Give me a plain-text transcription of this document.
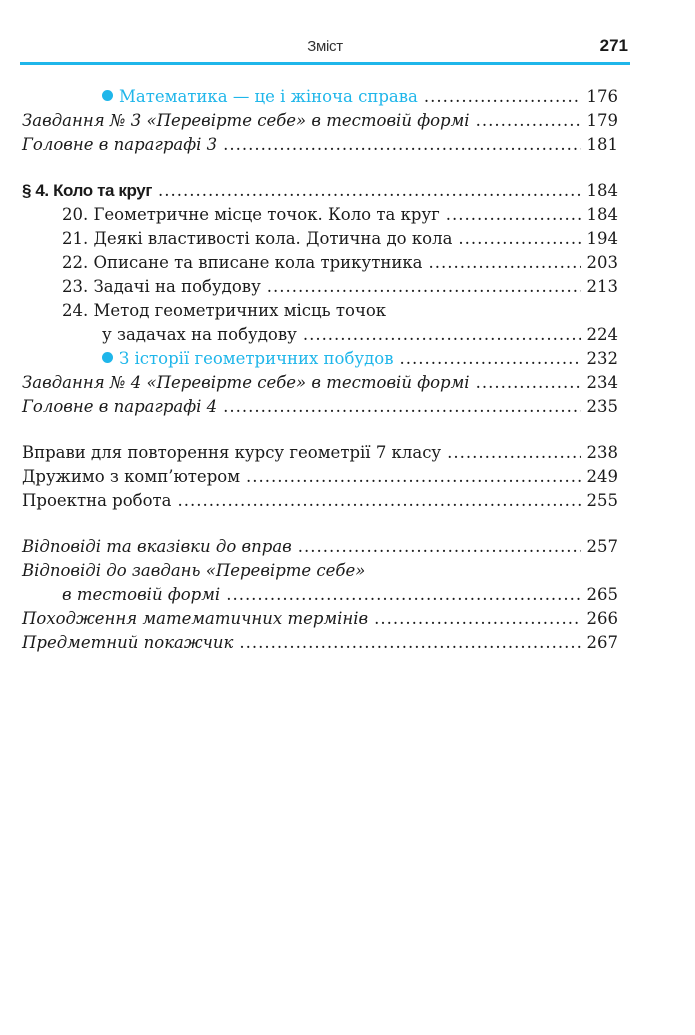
Зміст	271
Математика — це і жіноча справа .....	176
Завдання № 3 «Перевірте себе» в тестовій формі .....	179
Головне в параграфі 3 .....	181
§ 4. Коло та круг .....	184
20. Геометричне місце точок. Коло та круг .....	184
21. Деякі властивості кола. Дотична до кола .....	194
22. Описане та вписане кола трикутника .....	203
23. Задачі на побудову .....	213
24. Метод геометричних місць точок
у задачах на побудову .....	224
З історії геометричних побудов .....	232
Завдання № 4 «Перевірте себе» в тестовій формі .....	234
Головне в параграфі 4 .....	235
Вправи для повторення курсу геометрії 7 класу .....	238
Дружимо з комп’ютером .....	249
Проектна робота .....	255
Відповіді та вказівки до вправ .....	257
Відповіді до завдань «Перевірте себе»
в тестовій формі .....	265
Походження математичних термінів .....	266
Предметний покажчик .....	267
